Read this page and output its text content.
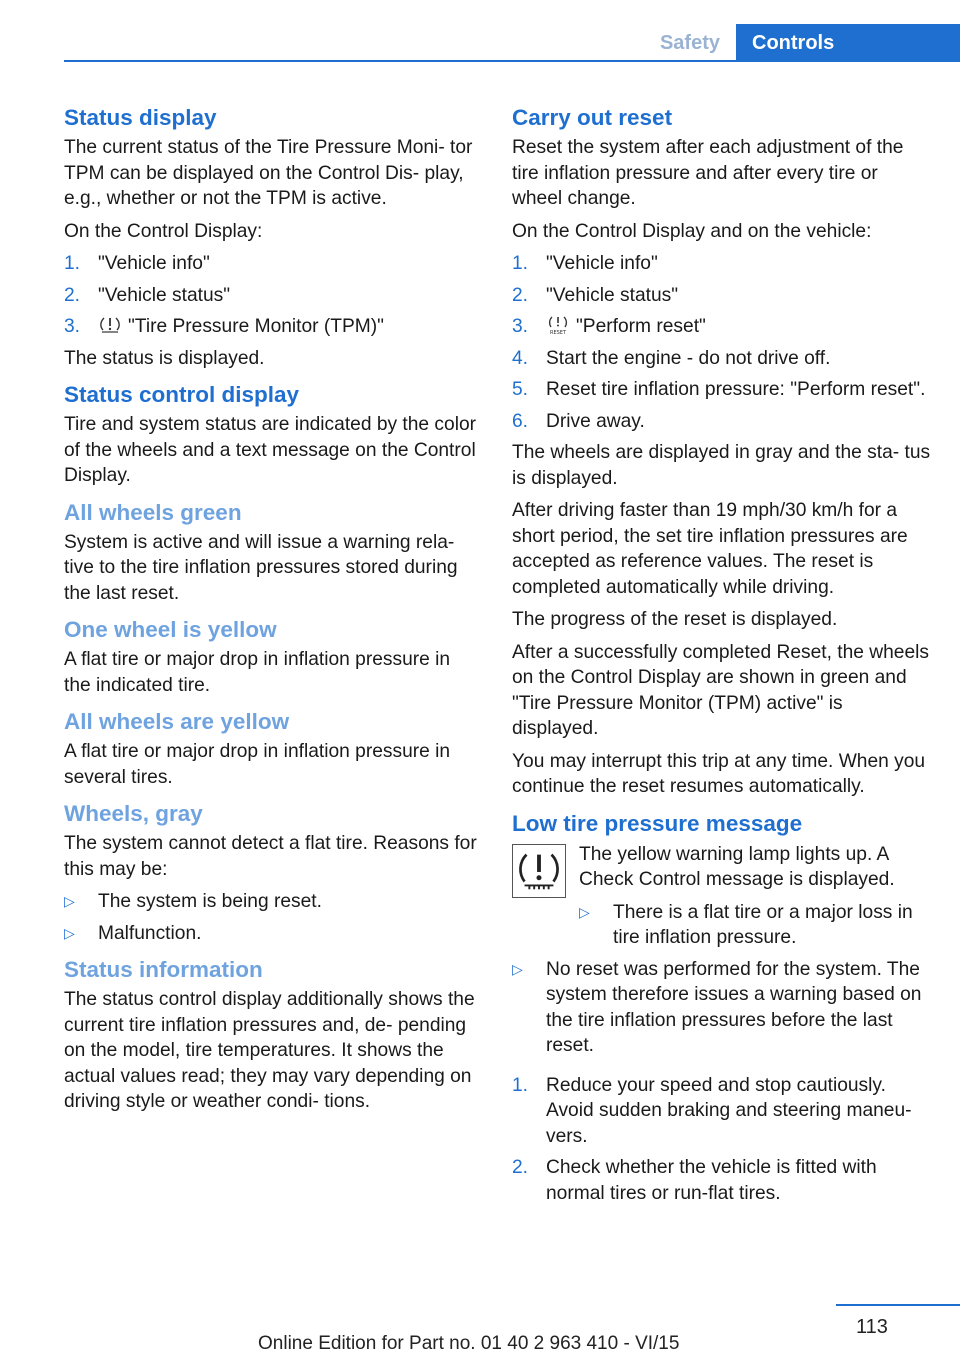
Safety	Controls
Status display

The current status of the Tire Pressure Moni‐ tor TPM can be displayed on the Control Dis‐ play, e.g., whether or not the TPM is active.

On the Control Display:

1. "Vehicle info"
2. "Vehicle status"
3. "Tire Pressure Monitor (TPM)"

The status is displayed.

Status control display

Tire and system status are indicated by the color of the wheels and a text message on the Control Display.

All wheels green

System is active and will issue a warning rela‐ tive to the tire inflation pressures stored during the last reset.

One wheel is yellow

A flat tire or major drop in inflation pressure in the indicated tire.

All wheels are yellow

A flat tire or major drop in inflation pressure in several tires.

Wheels, gray

The system cannot detect a flat tire. Reasons for this may be:

▷ The system is being reset.
▷ Malfunction.
Status information

The status control display additionally shows the current tire inflation pressures and, de‐ pending on the model, tire temperatures. It shows the actual values read; they may vary depending on driving style or weather condi‐ tions.

Carry out reset

Reset the system after each adjustment of the tire inflation pressure and after every tire or wheel change.

On the Control Display and on the vehicle:

1. "Vehicle info"
2. "Vehicle status"
3.	RESET "Perform reset"
4. Start the engine - do not drive off.
5. Reset tire inflation pressure: "Perform reset".
6. Drive away.

The wheels are displayed in gray and the sta‐ tus is displayed.

After driving faster than 19 mph/30 km/h for a short period, the set tire inflation pressures are accepted as reference values. The reset is completed automatically while driving.

The progress of the reset is displayed.

After a successfully completed Reset, the wheels on the Control Display are shown in green and "Tire Pressure Monitor (TPM) active" is displayed.

You may interrupt this trip at any time. When you continue the reset resumes automatically.

Low tire pressure message

The yellow warning lamp lights up. A Check Control message is displayed.

▷ There is a flat tire or a major loss in tire inflation pressure.
▷ No reset was performed for the system. The system therefore issues a warning based on the tire inflation pressures before the last reset.
1. Reduce your speed and stop cautiously. Avoid sudden braking and steering maneu‐ vers.
2. Check whether the vehicle is fitted with normal tires or run-flat tires.
113
Online Edition for Part no. 01 40 2 963 410 - VI/15
